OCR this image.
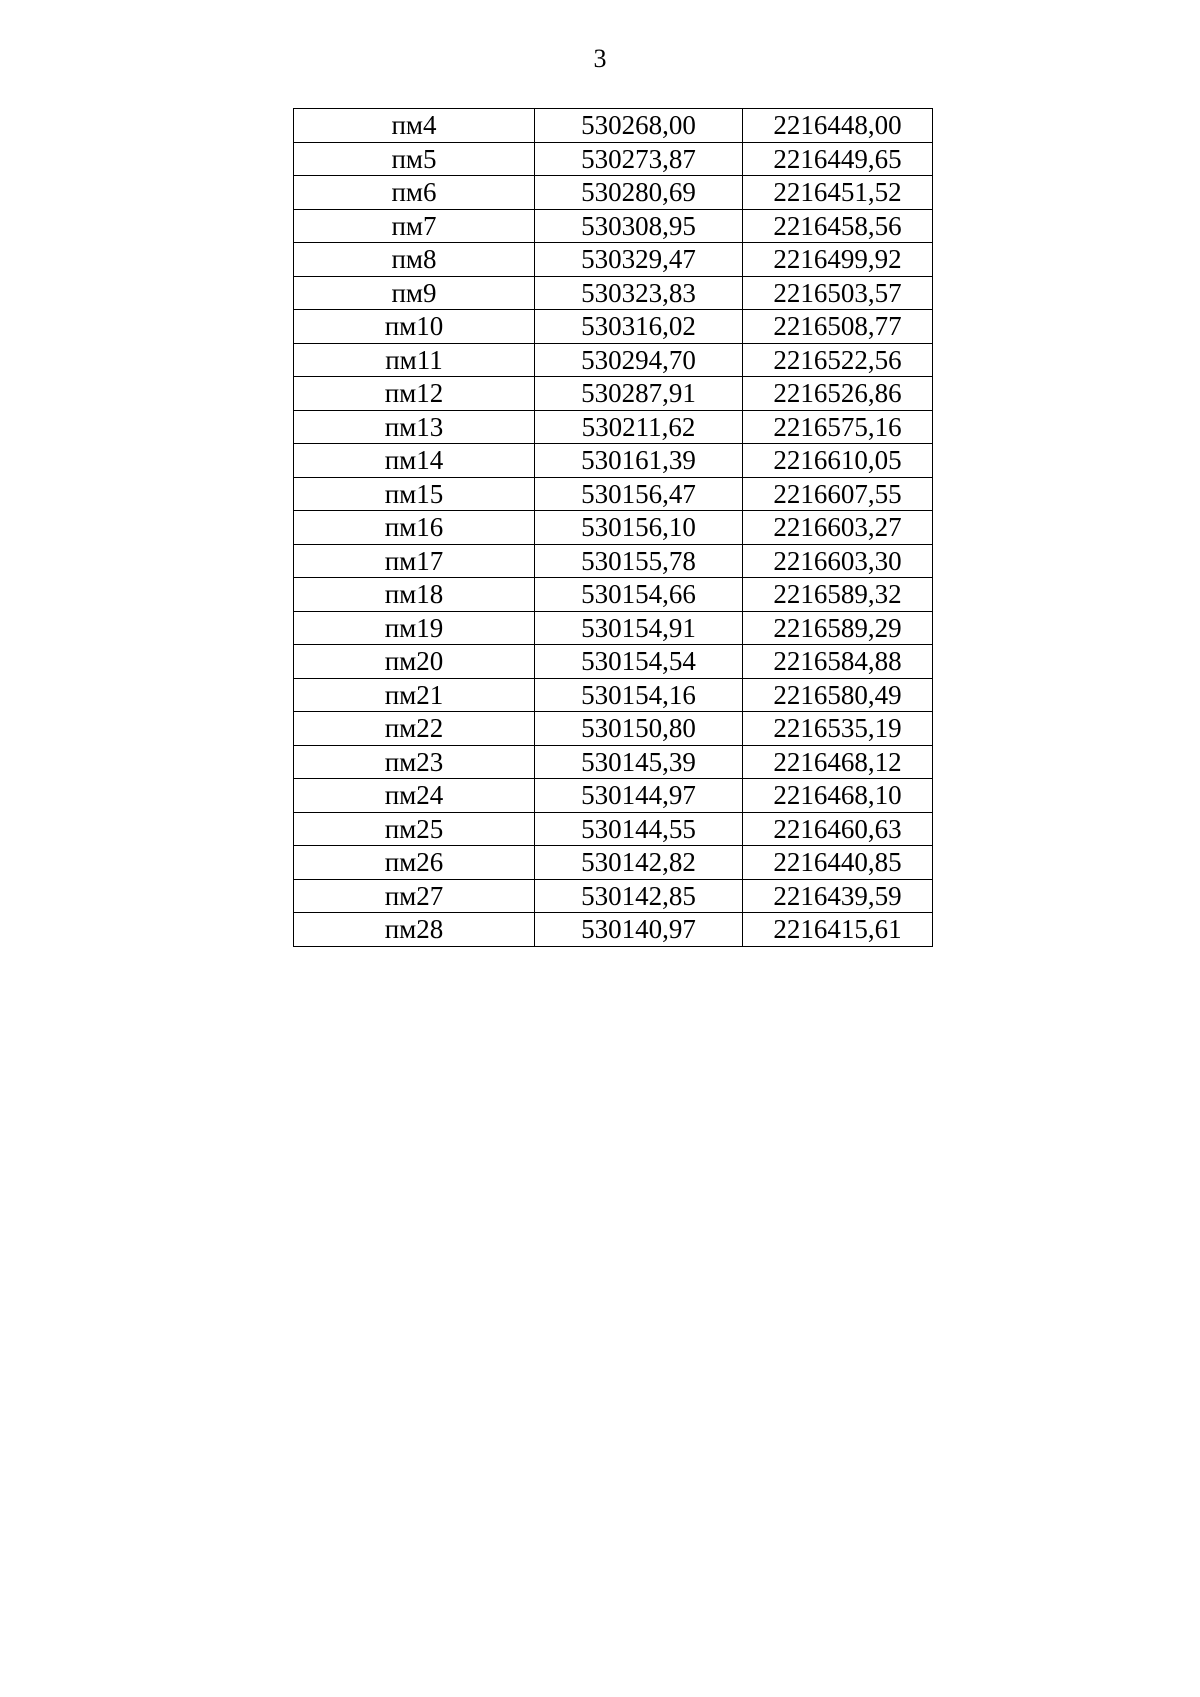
3
пм4	530268,00	2216448,00
пм5	530273,87	2216449,65
пм6	530280,69	2216451,52
пм7	530308,95	2216458,56
пм8	530329,47	2216499,92
пм9	530323,83	2216503,57
пм10	530316,02	2216508,77
пм11	530294,70	2216522,56
пм12	530287,91	2216526,86
пм13	530211,62	2216575,16
пм14	530161,39	2216610,05
пм15	530156,47	2216607,55
пм16	530156,10	2216603,27
пм17	530155,78	2216603,30
пм18	530154,66	2216589,32
пм19	530154,91	2216589,29
пм20	530154,54	2216584,88
пм21	530154,16	2216580,49
пм22	530150,80	2216535,19
пм23	530145,39	2216468,12
пм24	530144,97	2216468,10
пм25	530144,55	2216460,63
пм26	530142,82	2216440,85
пм27	530142,85	2216439,59
пм28	530140,97	2216415,61
